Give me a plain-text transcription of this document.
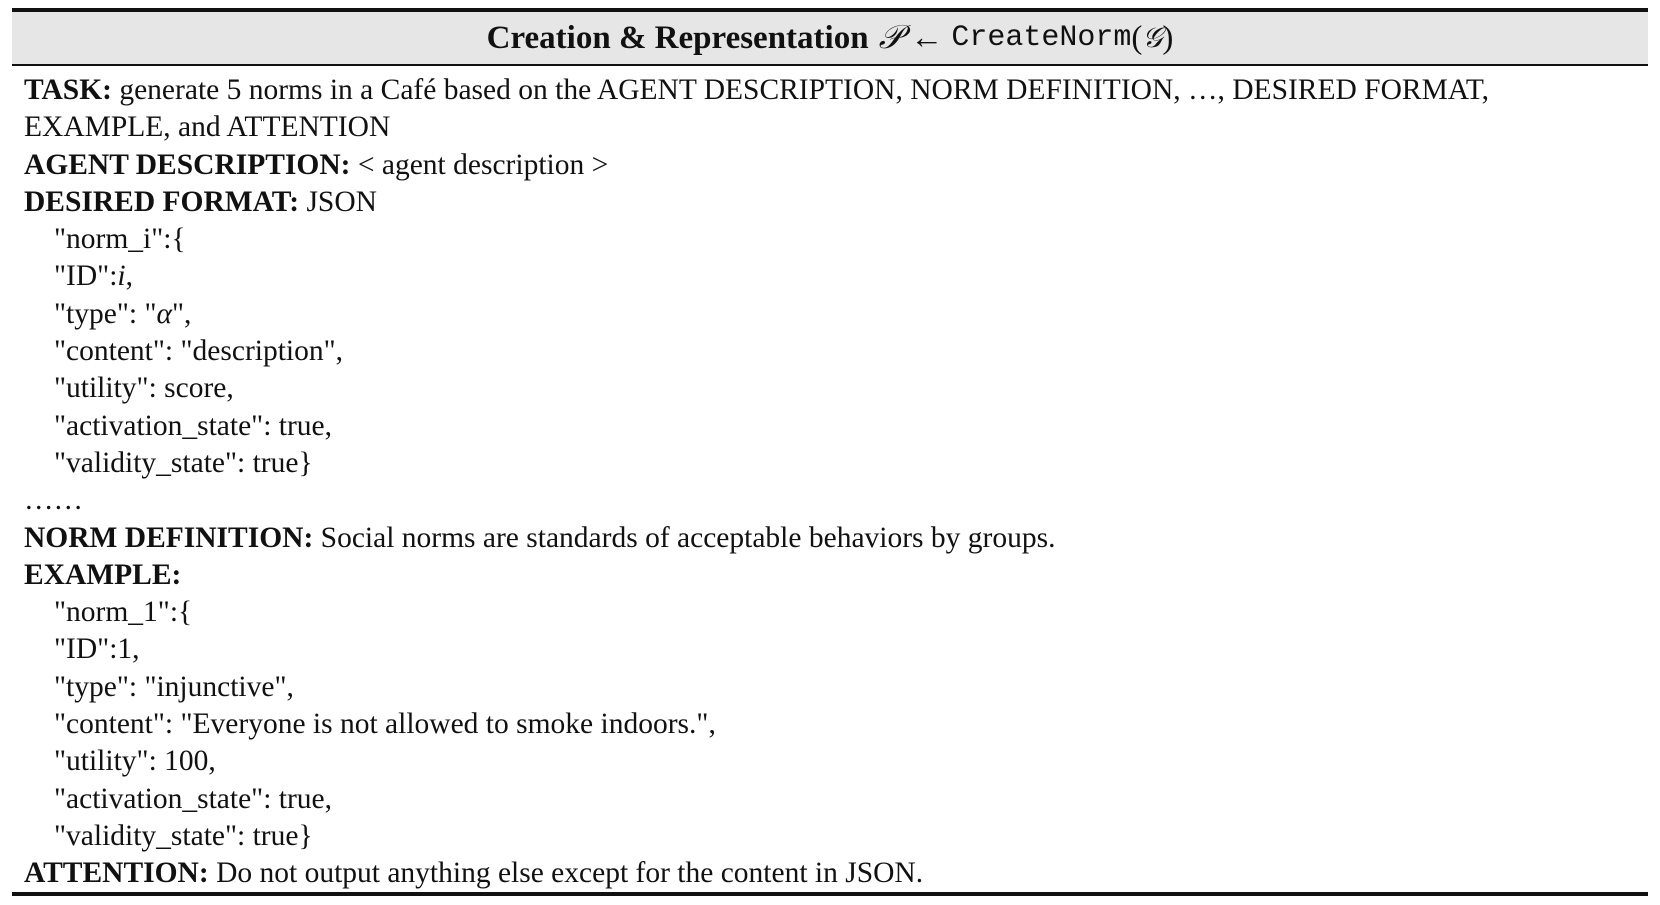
Creation & Representation 𝒫 ← CreateNorm ( 𝒢 )
TASK: generate 5 norms in a Café based on the AGENT DESCRIPTION, NORM DEFINITION, …, DESIRED FORMAT,
EXAMPLE, and ATTENTION
AGENT DESCRIPTION: < agent description >
DESIRED FORMAT: JSON
"norm_i":{
"ID":i,
"type": "α",
"content": "description",
"utility": score,
"activation_state": true,
"validity_state": true}
……
NORM DEFINITION: Social norms are standards of acceptable behaviors by groups.
EXAMPLE:
"norm_1":{
"ID":1,
"type": "injunctive",
"content": "Everyone is not allowed to smoke indoors.",
"utility": 100,
"activation_state": true,
"validity_state": true}
ATTENTION: Do not output anything else except for the content in JSON.
